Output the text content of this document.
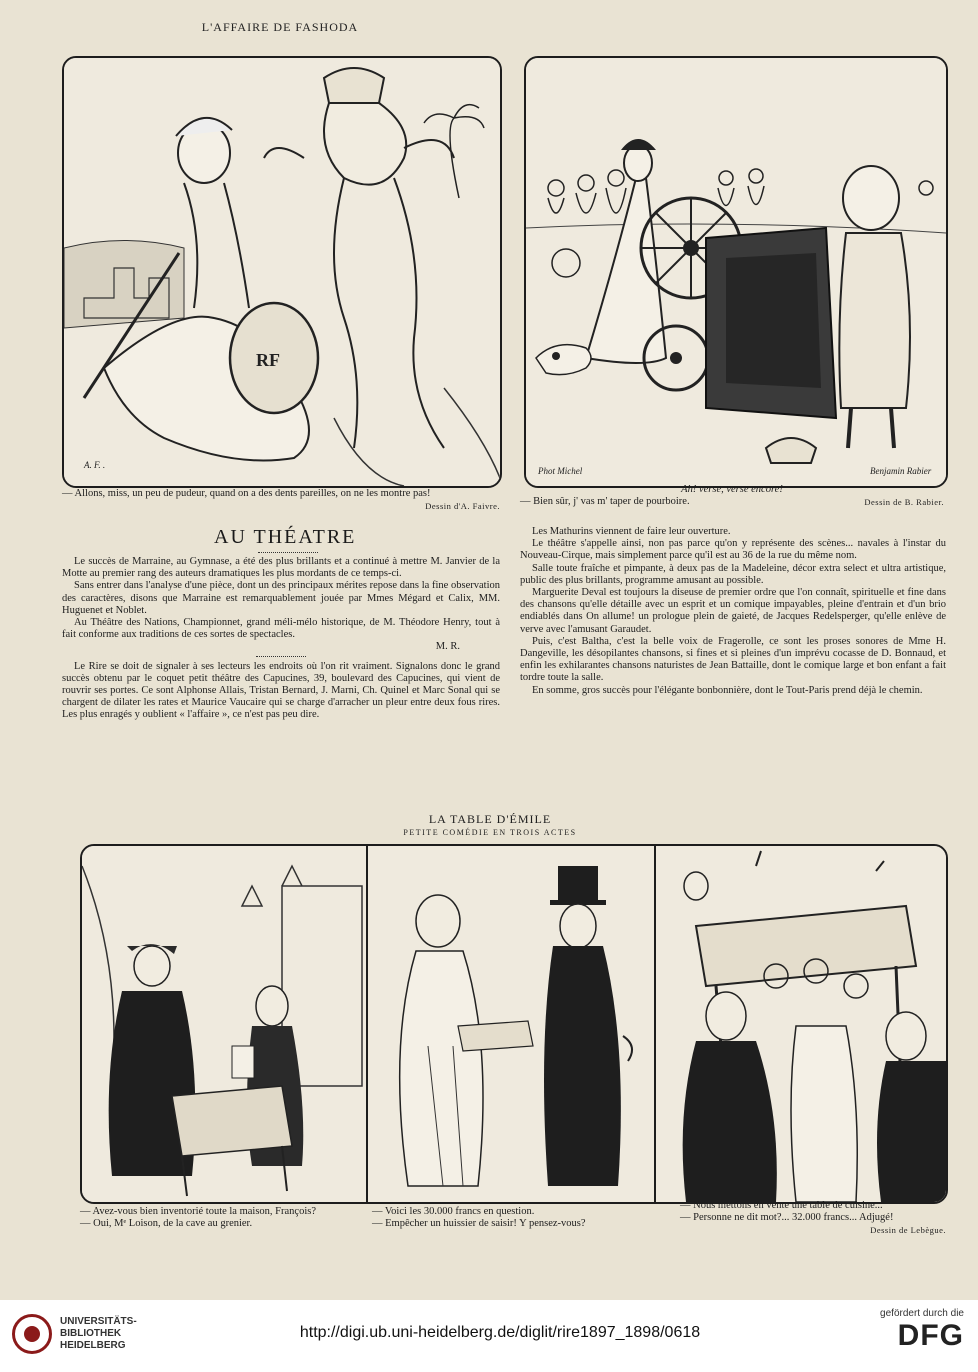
L'AFFAIRE DE FASHODA
RF
A. F. .
Phot Michel	Benjamin Rabier
— Allons, miss, un peu de pudeur, quand on a des dents pareilles, on ne les montre pas!
Dessin d'A. Faivre.
Ah! verse, verse encore!
— Bien sûr, j' vas m' taper de pourboire.	Dessin de B. Rabier.
AU THÉATRE

Le succès de Marraine, au Gymnase, a été des plus brillants et a continué à mettre M. Janvier de la Motte au premier rang des auteurs dramatiques les plus mordants de ce temps-ci.

Sans entrer dans l'analyse d'une pièce, dont un des principaux mérites repose dans la fine observation des caractères, disons que Marraine est remarquablement jouée par Mmes Mégard et Calix, MM. Huguenet et Noblet.

Au Théâtre des Nations, Championnet, grand méli-mélo historique, de M. Théodore Henry, tout à fait conforme aux traditions de ces sortes de spectacles.

M. R.

Le Rire se doit de signaler à ses lecteurs les endroits où l'on rit vraiment. Signalons donc le grand succès obtenu par le coquet petit théâtre des Capucines, 39, boulevard des Capucines, qui vient de rouvrir ses portes. Ce sont Alphonse Allais, Tristan Bernard, J. Marni, Ch. Quinel et Marc Sonal qui se chargent de dilater les rates et Maurice Vaucaire qui se charge d'arracher un pleur entre deux fous rires. Les plus enragés y oublient « l'affaire », ce n'est pas peu dire.

Les Mathurins viennent de faire leur ouverture.

Le théâtre s'appelle ainsi, non pas parce qu'on y représente des scènes... navales à l'instar du Nouveau-Cirque, mais simplement parce qu'il est au 36 de la rue du même nom.

Salle toute fraîche et pimpante, à deux pas de la Madeleine, décor extra select et ultra artistique, public des plus brillants, programme amusant au possible.

Marguerite Deval est toujours la diseuse de premier ordre que l'on connaît, spirituelle et fine dans des chansons qu'elle détaille avec un esprit et un comique impayables, pleine d'entrain et d'un brio endiablés dans On allume! un prologue plein de gaieté, de Jacques Redelsperger, qu'elle enlève de verve avec l'amusant Garaudet.

Puis, c'est Baltha, c'est la belle voix de Fragerolle, ce sont les proses sonores de Mme H. Dangeville, les désopilantes chansons, si fines et si pleines d'un imprévu cocasse de D. Bonnaud, et enfin les exhilarantes chansons naturistes de Jean Battaille, dont le comique large et bon enfant a fait tordre toute la salle.

En somme, gros succès pour l'élégante bonbonnière, dont le Tout-Paris prend déjà le chemin.

LA TABLE D'ÉMILE
PETITE COMÉDIE EN TROIS ACTES
— Avez-vous bien inventorié toute la maison, François?
— Oui, Mᵉ Loison, de la cave au grenier.
— Voici les 30.000 francs en question.
— Empêcher un huissier de saisir! Y pensez-vous?
— Nous mettons en vente une table de cuisine...
— Personne ne dit mot?... 32.000 francs... Adjugé!
Dessin de Lebègue.
UNIVERSITÄTS-
BIBLIOTHEK
HEIDELBERG
http://digi.ub.uni-heidelberg.de/diglit/rire1897_1898/0618
gefördert durch die
DFG
